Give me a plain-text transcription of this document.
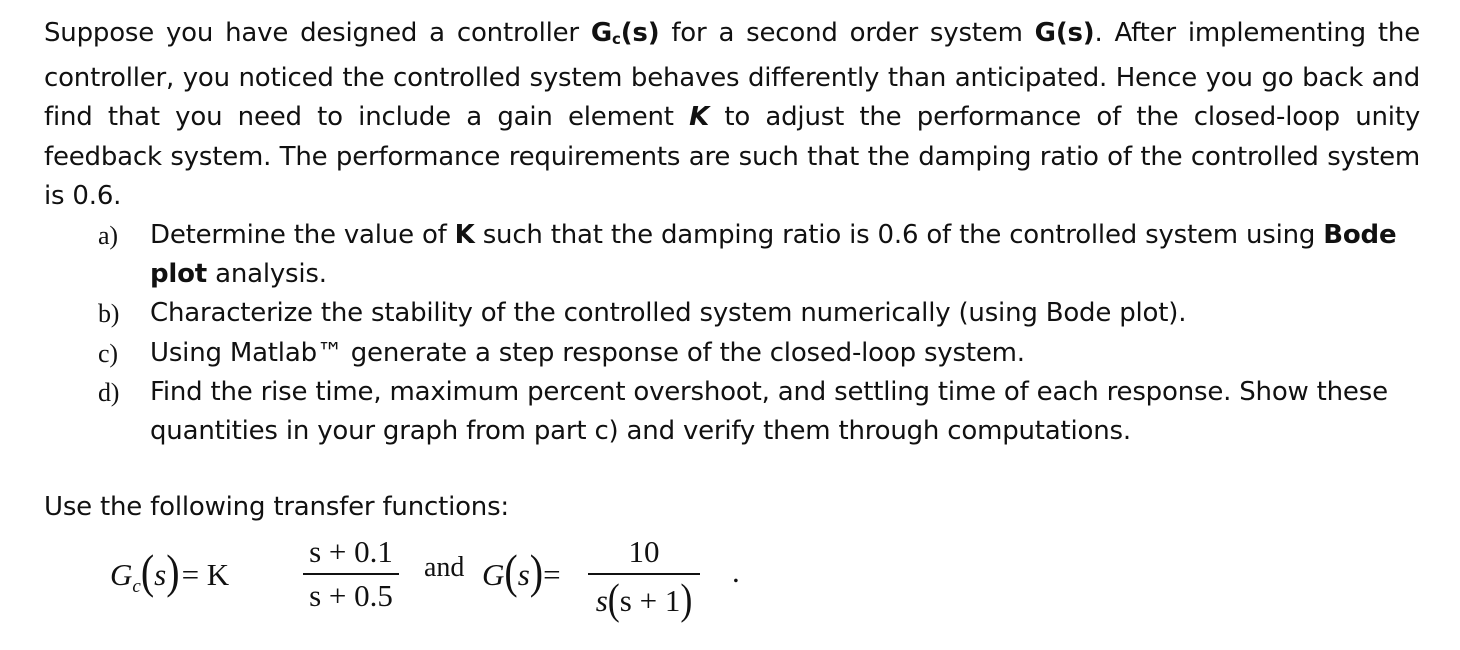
Suppose you have designed a controller $G_c(s)$ for a second order system G(s). After implementing the controller, you noticed the controlled system behaves differently than anticipated. Hence you go back and find that you need to include a gain element K to adjust the performance of the closed-loop unity feedback system. The performance requirements are such that the damping ratio of the controlled system is 0.6.

a) Determine the value of K such that the damping ratio is 0.6 of the controlled system using Bode plot analysis.
b) Characterize the stability of the controlled system numerically (using Bode plot).
c) Using Matlab™ generate a step response of the closed-loop system.
d) Find the rise time, maximum percent overshoot, and settling time of each response. Show these quantities in your graph from part c) and verify them through computations.
Use the following transfer functions:
$G_c(s)= K$
s + 0.1
s + 0.5
and G(s)=
10
s(s + 1)
.
